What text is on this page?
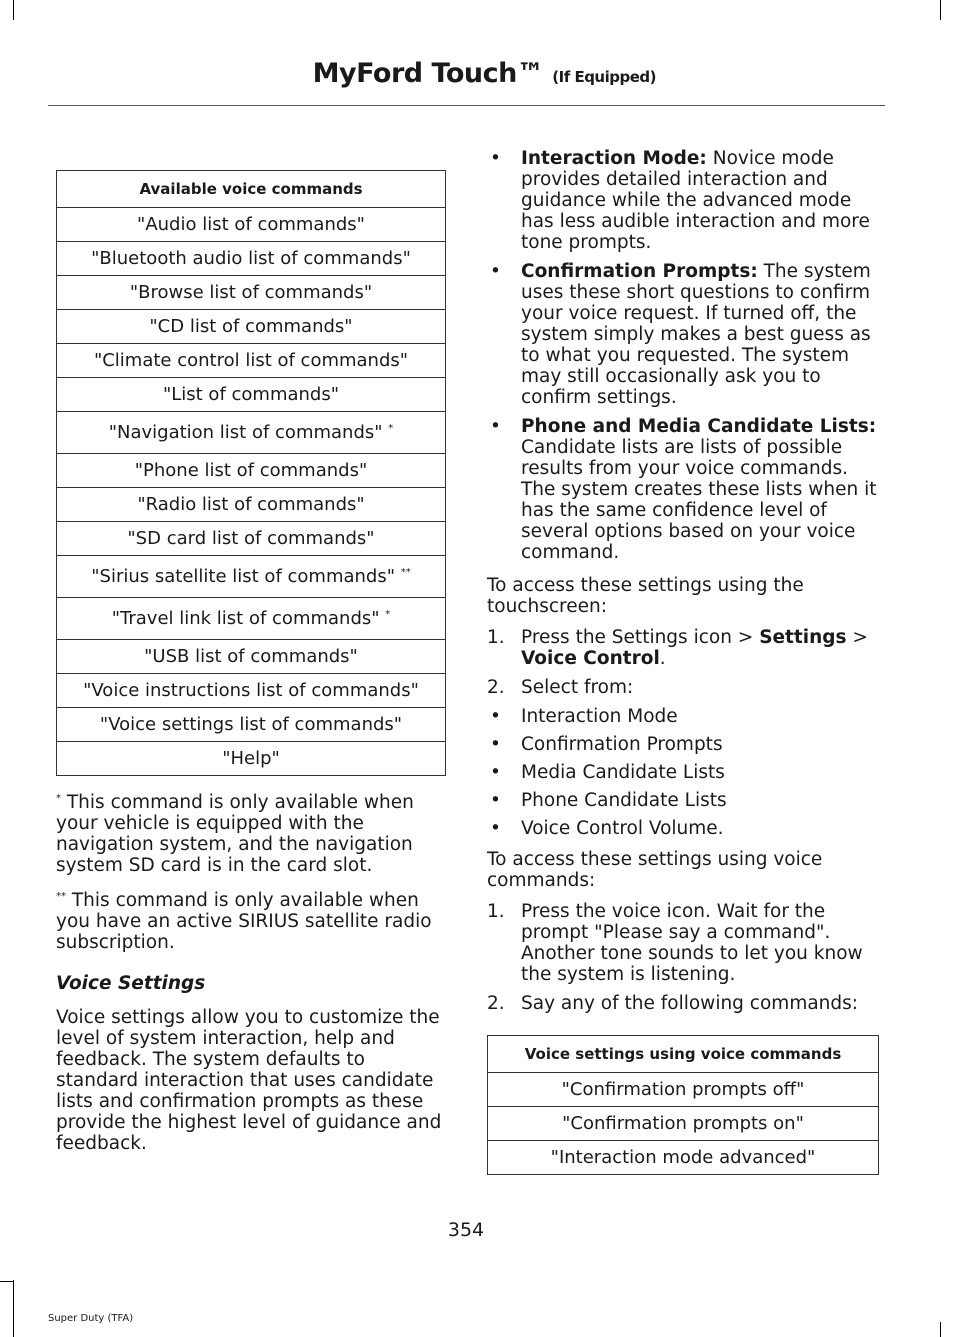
MyFord Touch™ (If Equipped)
Available voice commands
"Audio list of commands"
"Bluetooth audio list of commands"
"Browse list of commands"
"CD list of commands"
"Climate control list of commands"
"List of commands"
"Navigation list of commands" *
"Phone list of commands"
"Radio list of commands"
"SD card list of commands"
"Sirius satellite list of commands" **
"Travel link list of commands" *
"USB list of commands"
"Voice instructions list of commands"
"Voice settings list of commands"
"Help"

* This command is only available when your vehicle is equipped with the navigation system, and the navigation system SD card is in the card slot.

** This command is only available when you have an active SIRIUS satellite radio subscription.

Voice Settings

Voice settings allow you to customize the level of system interaction, help and feedback. The system defaults to standard interaction that uses candidate lists and confirmation prompts as these provide the highest level of guidance and feedback.

• Interaction Mode: Novice mode provides detailed interaction and guidance while the advanced mode has less audible interaction and more tone prompts.
• Confirmation Prompts: The system uses these short questions to confirm your voice request. If turned off, the system simply makes a best guess as to what you requested. The system may still occasionally ask you to confirm settings.
• Phone and Media Candidate Lists: Candidate lists are lists of possible results from your voice commands. The system creates these lists when it has the same confidence level of several options based on your voice command.

To access these settings using the touchscreen:

1. Press the Settings icon > Settings > Voice Control.
2. Select from:
• Interaction Mode
• Confirmation Prompts
• Media Candidate Lists
• Phone Candidate Lists
• Voice Control Volume.

To access these settings using voice commands:

1. Press the voice icon. Wait for the prompt "Please say a command". Another tone sounds to let you know the system is listening.
2. Say any of the following commands:
Voice settings using voice commands
"Confirmation prompts off"
"Confirmation prompts on"
"Interaction mode advanced"
354
Super Duty (TFA)
